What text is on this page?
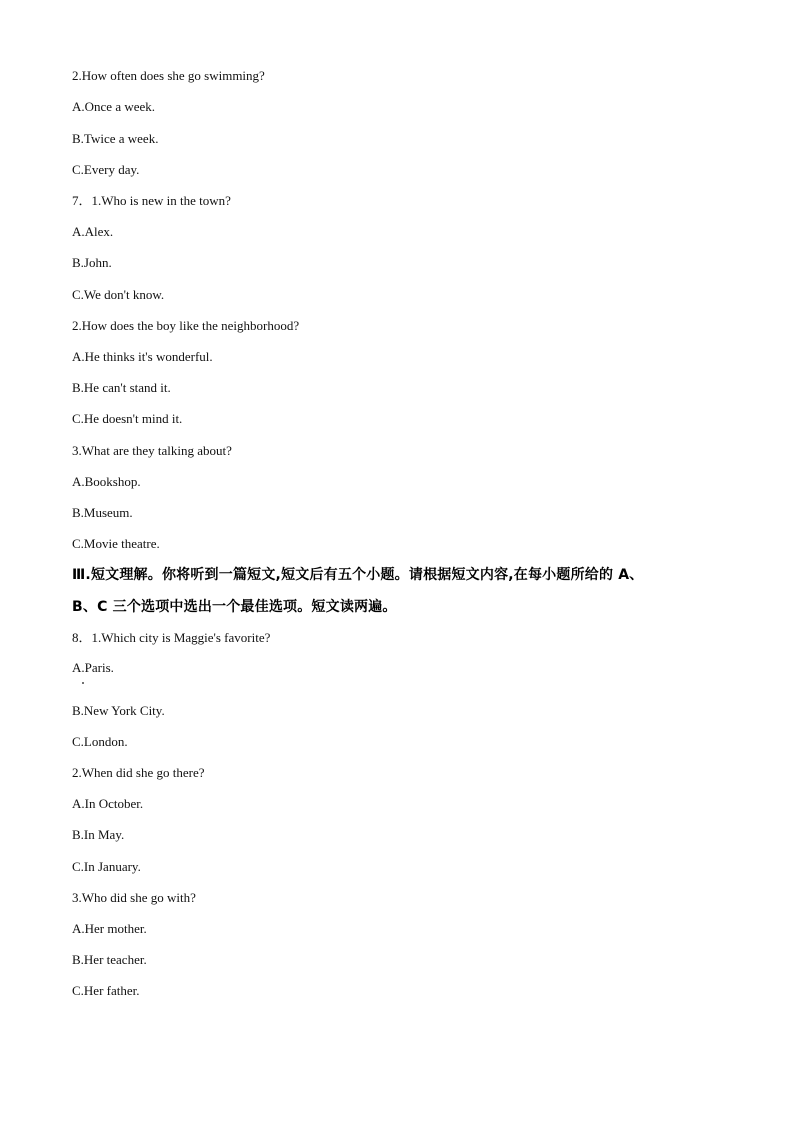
2.How often does she go swimming?

A.Once a week.

B.Twice a week.

C.Every day.

7．1.Who is new in the town?

A.Alex.

B.John.

C.We don't know.

2.How does the boy like the neighborhood?

A.He thinks it's wonderful.

B.He can't stand it.

C.He doesn't mind it.

3.What are they talking about?

A.Bookshop.

B.Museum.

C.Movie theatre.

Ⅲ.短文理解。你将听到一篇短文,短文后有五个小题。请根据短文内容,在每小题所给的 A、

B、C 三个选项中选出一个最佳选项。短文读两遍。

8．1.Which city is Maggie's favorite?

A.Paris.

B.New York City.

C.London.

2.When did she go there?

A.In October.

B.In May.

C.In January.

3.Who did she go with?

A.Her mother.

B.Her teacher.

C.Her father.
